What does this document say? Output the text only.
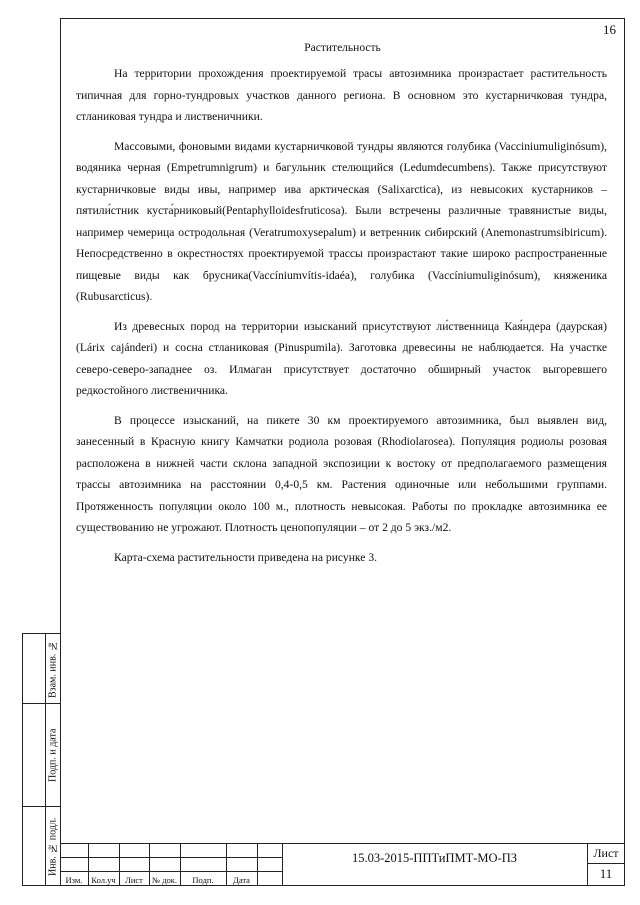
16
Растительность

На территории прохождения проектируемой трасы автозимника произрастает растительность типичная для горно-тундровых участков данного региона. В основном это кустарничковая тундра, стланиковая тундра и лиственичники.

Массовыми, фоновыми видами кустарничковой тундры являются голубика (Vacciniumuliginósum), водяника черная (Empetrumnigrum) и багульник стелющийся (Ledumdecumbens). Также присутствуют кустарничковые виды ивы, например ива арктическая (Salixarctica), из невысоких кустарников – пятили́стник куста́рниковый(Pentaphylloidesfruticosa). Были встречены различные травянистые виды, например чемерица остродольная (Veratrumoxysepalum) и ветренник сибирский (Anemonastrumsibiricum). Непосредственно в окрестностях проектируемой трассы произрастают такие широко распространенные пищевые виды как брусника(Vaccíniumvítis-idaéa), голубика (Vaccíniumuliginósum), княженика (Rubusarcticus).

Из древесных пород на территории изысканий присутствуют ли́ственница Кая́ндера (даурская) (Lárix cajánderi) и сосна стланиковая (Pinuspumila). Заготовка древесины не наблюдается. На участке северо-северо-западнее оз. Илмаган присутствует достаточно обширный участок выгоревшего редкостойного лиственичника.

В процессе изысканий, на пикете 30 км проектируемого автозимника, был выявлен вид, занесенный в Красную книгу Камчатки родиола розовая (Rhodiolarosea). Популяция родиолы розовая расположена в нижней части склона западной экспозиции к востоку от предполагаемого размещения трассы автозимника на расстоянии 0,4-0,5 км. Растения одиночные или небольшими группами. Протяженность популяции около 100 м., плотность невысокая. Работы по прокладке автозимника ее существованию не угрожают. Плотность ценопопуляции – от 2 до 5 экз./м2.

Карта-схема растительности приведена на рисунке 3.

Взам. инв. №
Подп. и дата
Инв. № подл.
Изм.	Кол.уч	Лист	№ док.	Подп.	Дата
15.03-2015-ППТиПМТ-МО-ПЗ	Лист
11
